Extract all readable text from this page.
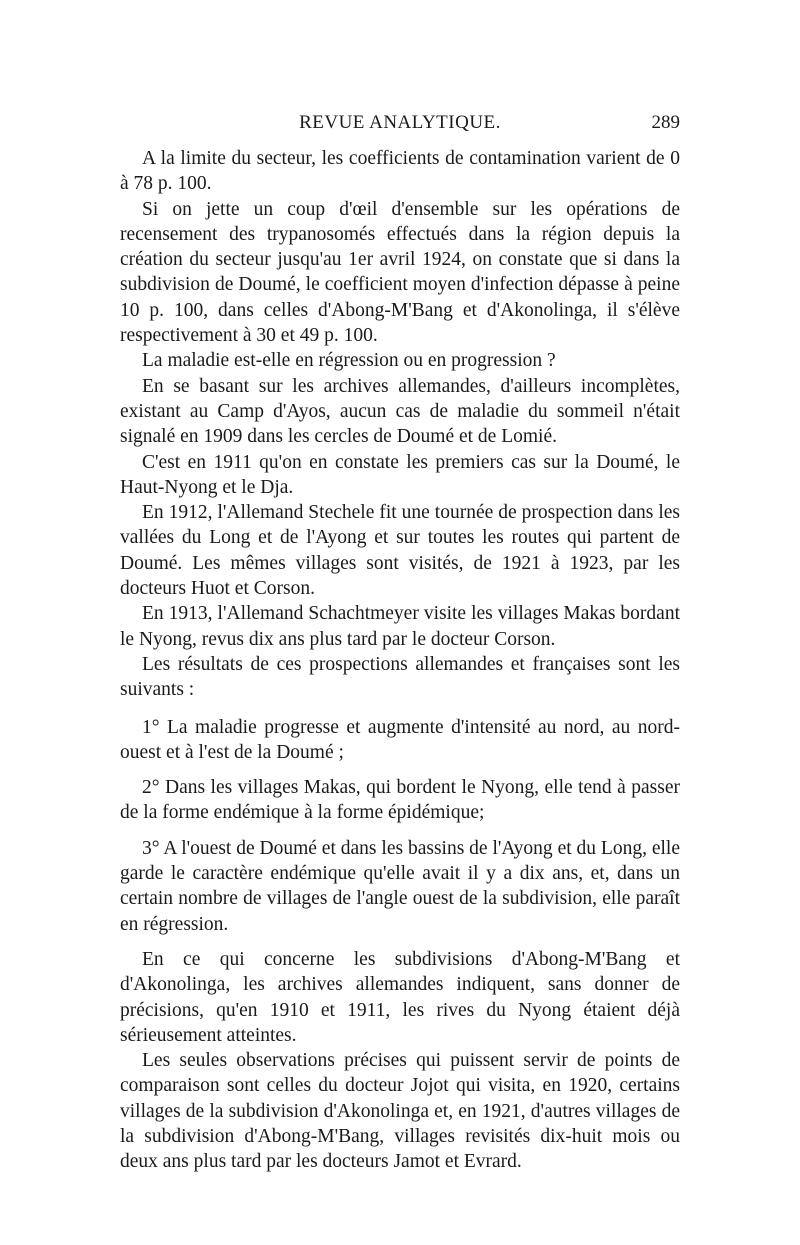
REVUE ANALYTIQUE.	289

A la limite du secteur, les coefficients de contamination varient de 0 à 78 p. 100.

Si on jette un coup d'œil d'ensemble sur les opérations de recensement des trypanosomés effectués dans la région depuis la création du secteur jusqu'au 1er avril 1924, on constate que si dans la subdivision de Doumé, le coefficient moyen d'infection dépasse à peine 10 p. 100, dans celles d'Abong-M'Bang et d'Akonolinga, il s'élève respectivement à 30 et 49 p. 100.

La maladie est-elle en régression ou en progression ?

En se basant sur les archives allemandes, d'ailleurs incomplètes, existant au Camp d'Ayos, aucun cas de maladie du sommeil n'était signalé en 1909 dans les cercles de Doumé et de Lomié.

C'est en 1911 qu'on en constate les premiers cas sur la Doumé, le Haut-Nyong et le Dja.

En 1912, l'Allemand Stechele fit une tournée de prospection dans les vallées du Long et de l'Ayong et sur toutes les routes qui partent de Doumé. Les mêmes villages sont visités, de 1921 à 1923, par les docteurs Huot et Corson.

En 1913, l'Allemand Schachtmeyer visite les villages Makas bordant le Nyong, revus dix ans plus tard par le docteur Corson.

Les résultats de ces prospections allemandes et françaises sont les suivants :

1° La maladie progresse et augmente d'intensité au nord, au nord-ouest et à l'est de la Doumé ;

2° Dans les villages Makas, qui bordent le Nyong, elle tend à passer de la forme endémique à la forme épidémique;

3° A l'ouest de Doumé et dans les bassins de l'Ayong et du Long, elle garde le caractère endémique qu'elle avait il y a dix ans, et, dans un certain nombre de villages de l'angle ouest de la subdivision, elle paraît en régression.

En ce qui concerne les subdivisions d'Abong-M'Bang et d'Akonolinga, les archives allemandes indiquent, sans donner de précisions, qu'en 1910 et 1911, les rives du Nyong étaient déjà sérieusement atteintes.

Les seules observations précises qui puissent servir de points de comparaison sont celles du docteur Jojot qui visita, en 1920, certains villages de la subdivision d'Akonolinga et, en 1921, d'autres villages de la subdivision d'Abong-M'Bang, villages revisités dix-huit mois ou deux ans plus tard par les docteurs Jamot et Evrard.
